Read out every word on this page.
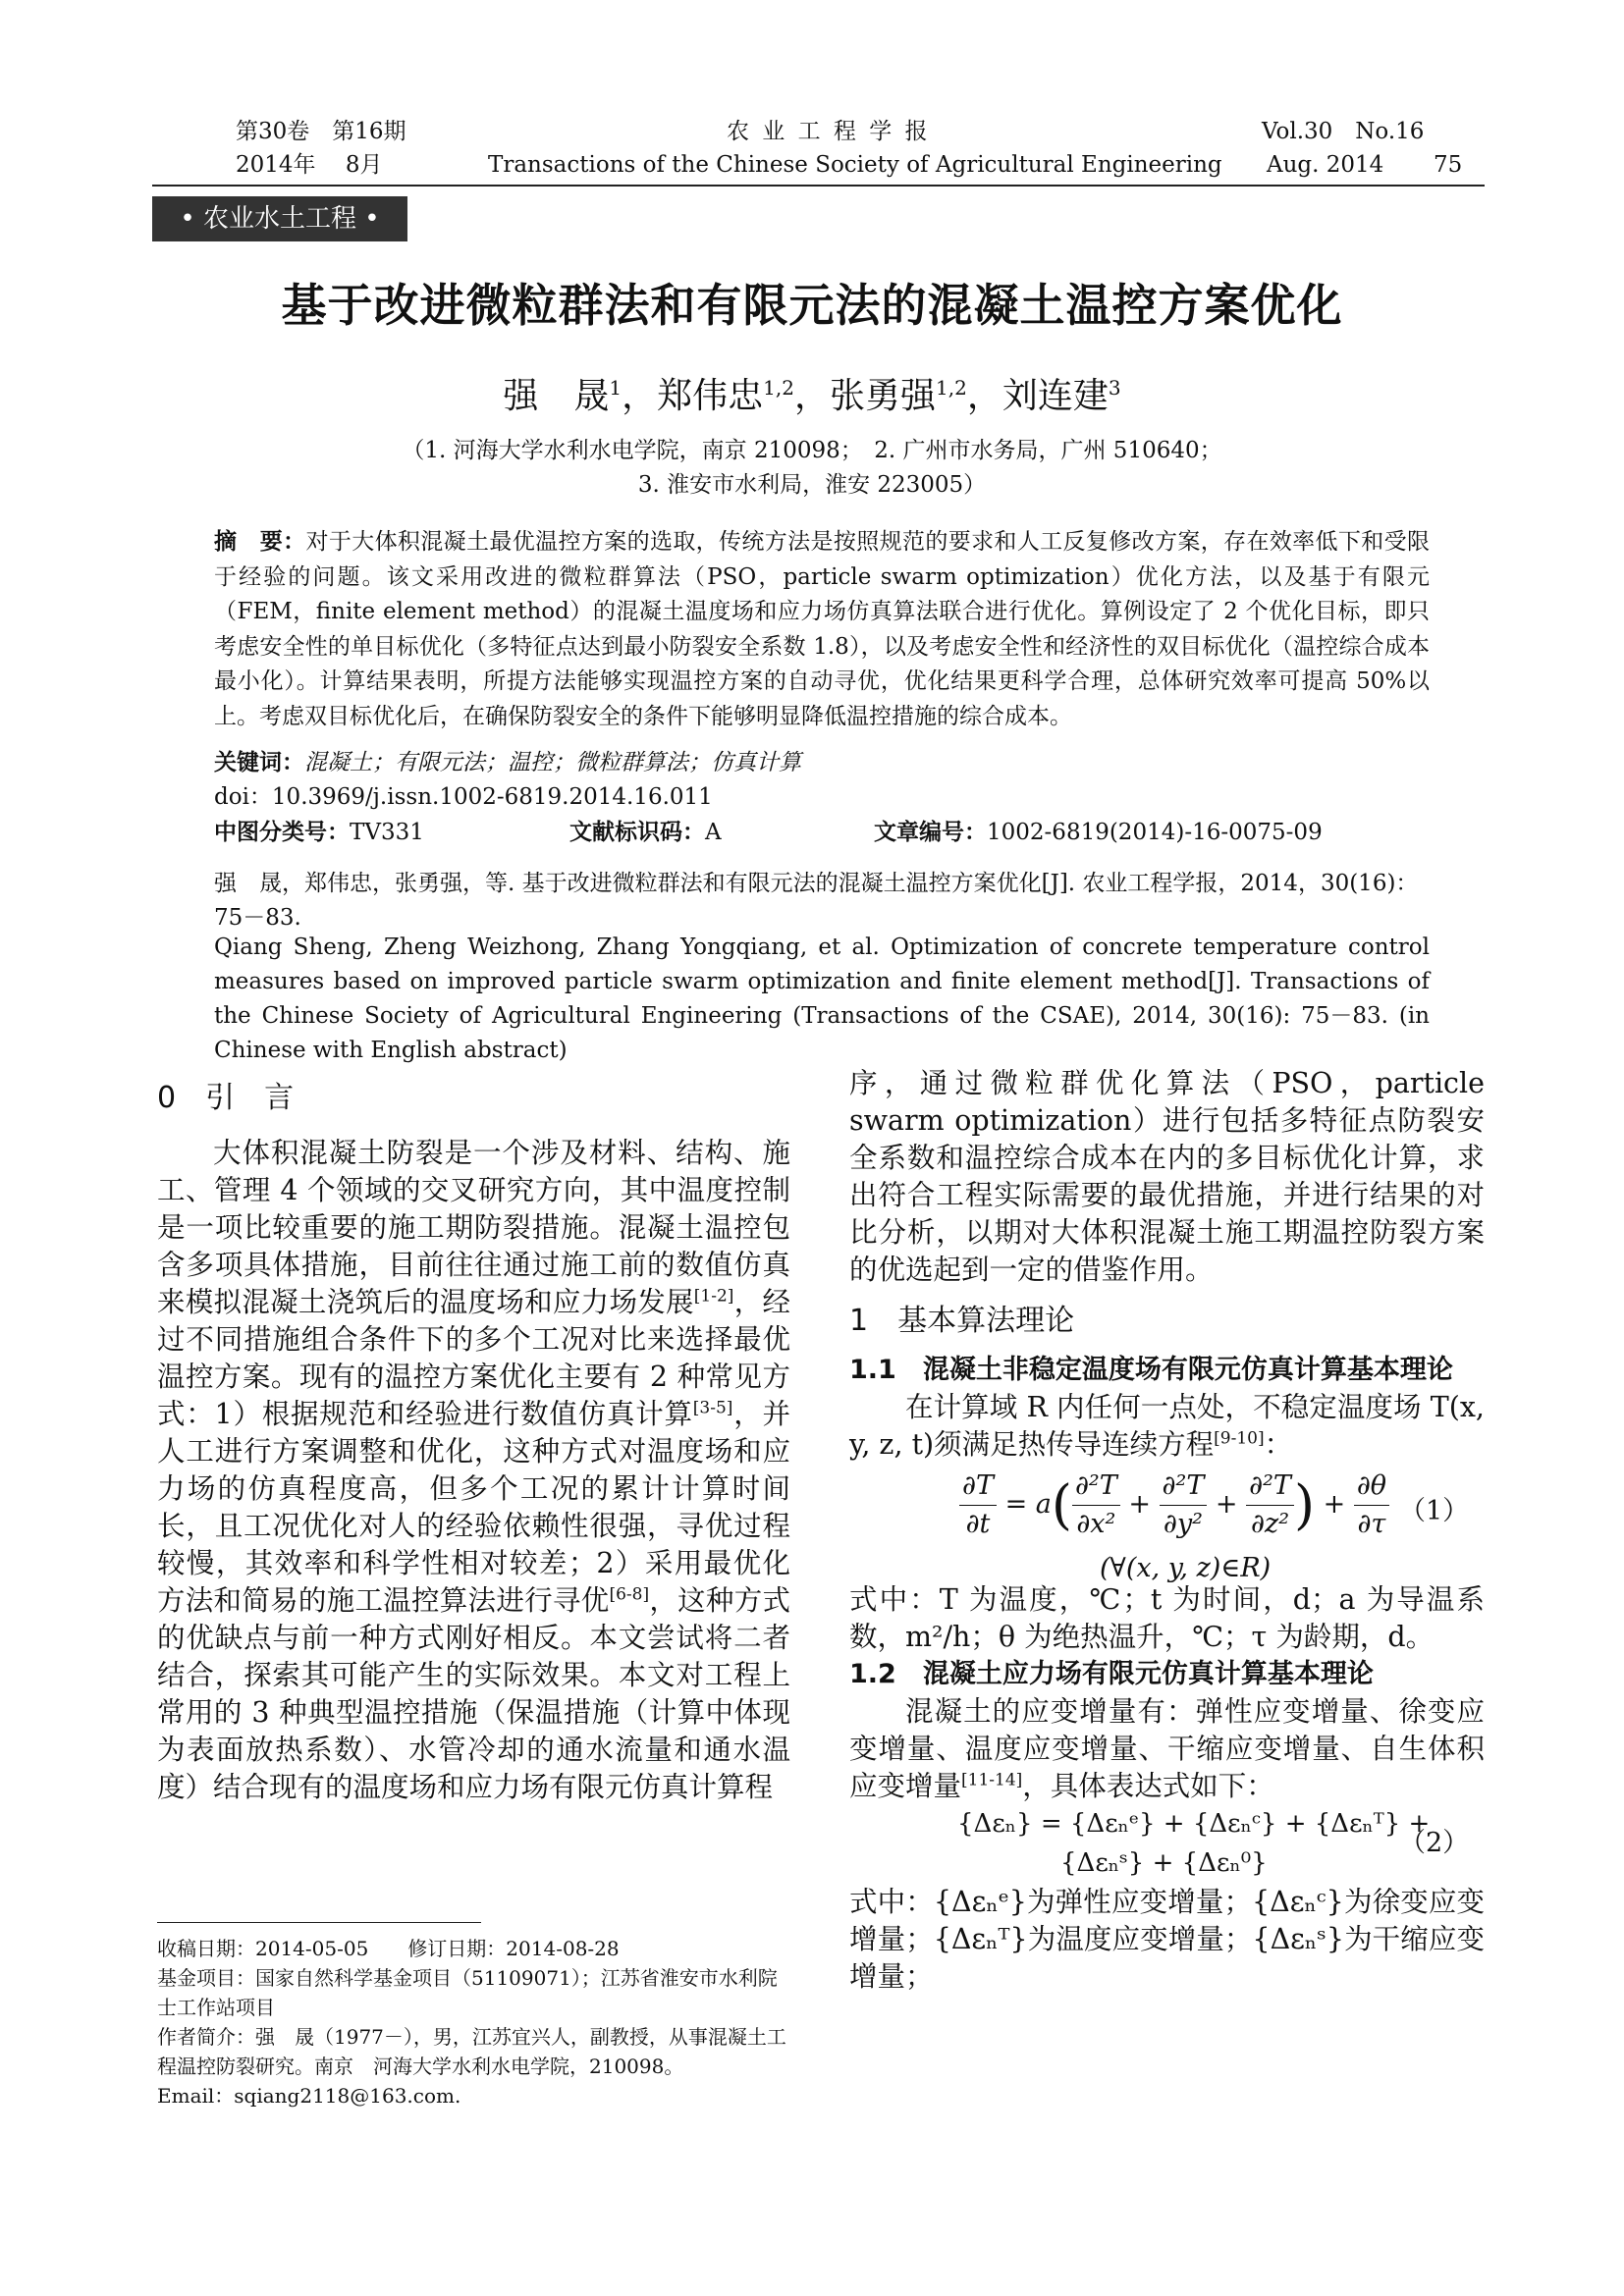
第30卷　第16期
2014年　 8月
农 业 工 程 学 报
Transactions of the Chinese Society of Agricultural Engineering
Vol.30　No.16
Aug. 2014 75
• 农业水土工程 •
基于改进微粒群法和有限元法的混凝土温控方案优化
强　晟$^1$，郑伟忠$^{1,2}$，张勇强$^{1,2}$，刘连建$^3$
（1. 河海大学水利水电学院，南京 210098；　2. 广州市水务局，广州 510640；
3. 淮安市水利局，淮安 223005）
摘　要：对于大体积混凝土最优温控方案的选取，传统方法是按照规范的要求和人工反复修改方案，存在效率低下和受限于经验的问题。该文采用改进的微粒群算法（PSO，particle swarm optimization）优化方法，以及基于有限元（FEM，finite element method）的混凝土温度场和应力场仿真算法联合进行优化。算例设定了 2 个优化目标，即只考虑安全性的单目标优化（多特征点达到最小防裂安全系数 1.8），以及考虑安全性和经济性的双目标优化（温控综合成本最小化）。计算结果表明，所提方法能够实现温控方案的自动寻优，优化结果更科学合理，总体研究效率可提高 50%以上。考虑双目标优化后，在确保防裂安全的条件下能够明显降低温控措施的综合成本。
关键词：混凝土；有限元法；温控；微粒群算法；仿真计算
doi：10.3969/j.issn.1002-6819.2014.16.011
中图分类号：TV331	文献标识码：A	文章编号：1002-6819(2014)-16-0075-09
强　晟，郑伟忠，张勇强，等. 基于改进微粒群法和有限元法的混凝土温控方案优化[J]. 农业工程学报，2014，30(16)：75－83.
Qiang Sheng, Zheng Weizhong, Zhang Yongqiang, et al. Optimization of concrete temperature control measures based on improved particle swarm optimization and finite element method[J]. Transactions of the Chinese Society of Agricultural Engineering (Transactions of the CSAE), 2014, 30(16): 75－83. (in Chinese with English abstract)
0　引　言

大体积混凝土防裂是一个涉及材料、结构、施工、管理 4 个领域的交叉研究方向，其中温度控制是一项比较重要的施工期防裂措施。混凝土温控包含多项具体措施，目前往往通过施工前的数值仿真来模拟混凝土浇筑后的温度场和应力场发展[1-2]，经过不同措施组合条件下的多个工况对比来选择最优温控方案。现有的温控方案优化主要有 2 种常见方式：1）根据规范和经验进行数值仿真计算[3-5]，并人工进行方案调整和优化，这种方式对温度场和应力场的仿真程度高，但多个工况的累计计算时间长，且工况优化对人的经验依赖性很强，寻优过程较慢，其效率和科学性相对较差；2）采用最优化方法和简易的施工温控算法进行寻优[6-8]，这种方式的优缺点与前一种方式刚好相反。本文尝试将二者结合，探索其可能产生的实际效果。本文对工程上常用的 3 种典型温控措施（保温措施（计算中体现为表面放热系数）、水管冷却的通水流量和通水温度）结合现有的温度场和应力场有限元仿真计算程

序，通过微粒群优化算法（PSO，particle swarm optimization）进行包括多特征点防裂安全系数和温控综合成本在内的多目标优化计算，求出符合工程实际需要的最优措施，并进行结果的对比分析，以期对大体积混凝土施工期温控防裂方案的优选起到一定的借鉴作用。

1　基本算法理论
1.1　混凝土非稳定温度场有限元仿真计算基本理论

在计算域 R 内任何一点处，不稳定温度场 T(x, y, z, t)须满足热传导连续方程[9-10]：

$\frac{\partial T}{\partial t} = a( \frac{\text{∂²T}}{\text{∂x²}} + \frac{\text{∂²T}}{\text{∂y²}} + \frac{\text{∂²T}}{\text{∂z²}}$ ) + $\frac{\partial\theta}{\partial\tau} (1)$
(∀(x, y, z)∈R)

式中：T 为温度，℃；t 为时间，d；a 为导温系数，m²/h；θ 为绝热温升，℃；τ 为龄期，d。

1.2　混凝土应力场有限元仿真计算基本理论

混凝土的应变增量有：弹性应变增量、徐变应变增量、温度应变增量、干缩应变增量、自生体积应变增量[11-14]，具体表达式如下：

{Δεₙ} = {Δεₙᵉ} + {Δεₙᶜ} + {Δεₙᵀ} +
{Δεₙˢ} + {Δεₙ⁰}
（2）

式中：{Δεₙᵉ}为弹性应变增量；{Δεₙᶜ}为徐变应变增量；{Δεₙᵀ}为温度应变增量；{Δεₙˢ}为干缩应变增量；

收稿日期：2014-05-05　　修订日期：2014-08-28
基金项目：国家自然科学基金项目（51109071）；江苏省淮安市水利院士工作站项目
作者简介：强　晟（1977－），男，江苏宜兴人，副教授，从事混凝土工程温控防裂研究。南京　河海大学水利水电学院，210098。
Email：sqiang2118@163.com.
